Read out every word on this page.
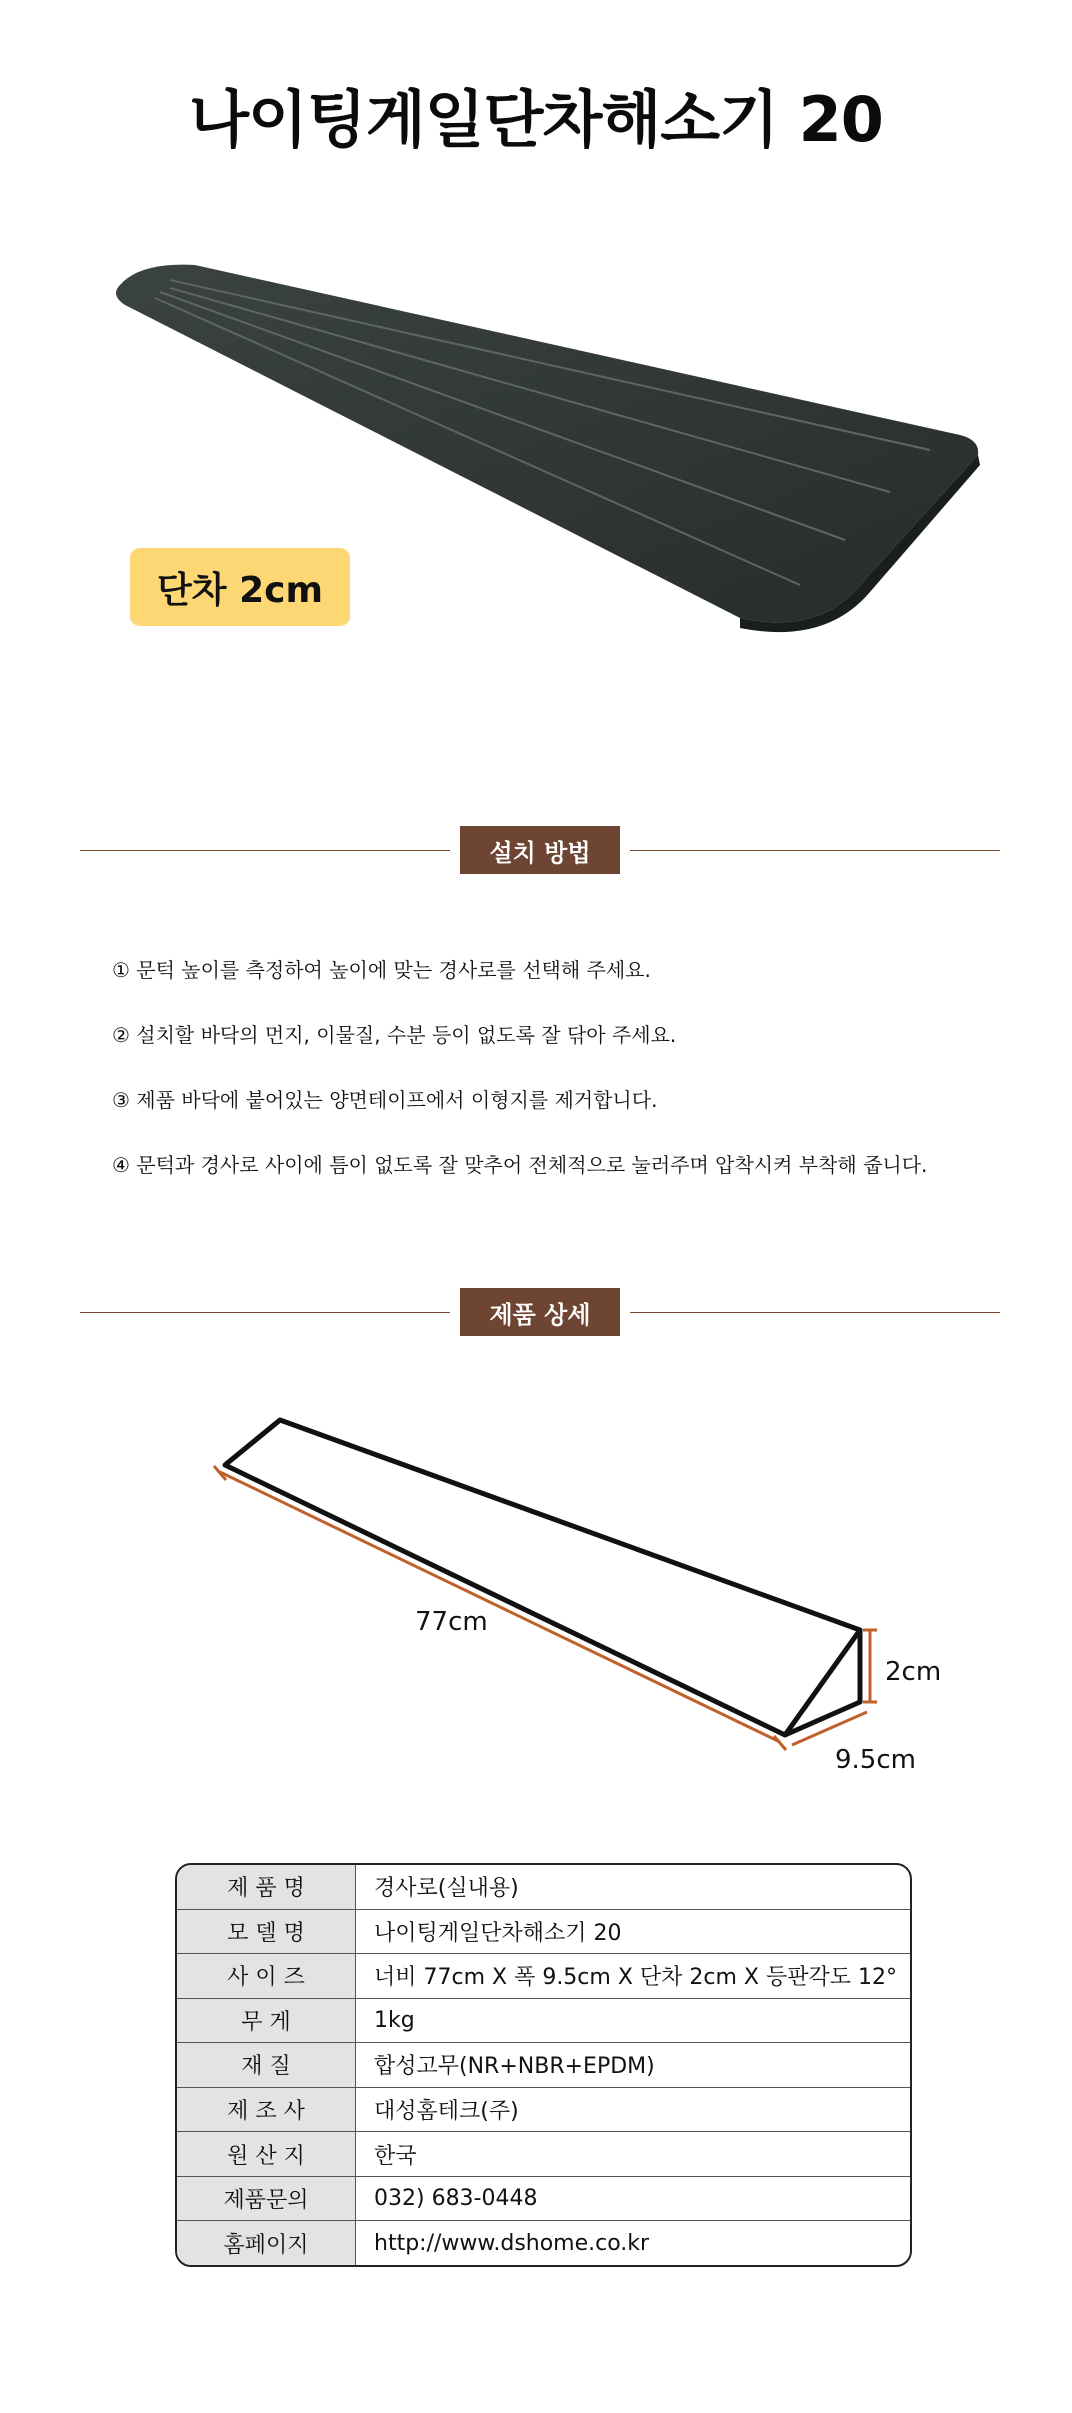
나이팅게일단차해소기 20
단차 2cm
설치 방법
① 문턱 높이를 측정하여 높이에 맞는 경사로를 선택해 주세요.
② 설치할 바닥의 먼지, 이물질, 수분 등이 없도록 잘 닦아 주세요.
③ 제품 바닥에 붙어있는 양면테이프에서 이형지를 제거합니다.
④ 문턱과 경사로 사이에 틈이 없도록 잘 맞추어 전체적으로 눌러주며 압착시켜 부착해 줍니다.
제품 상세
77cm
2cm
9.5cm
제 품 명	경사로(실내용)
모 델 명	나이팅게일단차해소기 20
사 이 즈	너비 77cm X 폭 9.5cm X 단차 2cm X 등판각도 12°
무 게	1kg
재 질	합성고무(NR+NBR+EPDM)
제 조 사	대성홈테크(주)
원 산 지	한국
제품문의	032) 683-0448
홈페이지	http://www.dshome.co.kr
